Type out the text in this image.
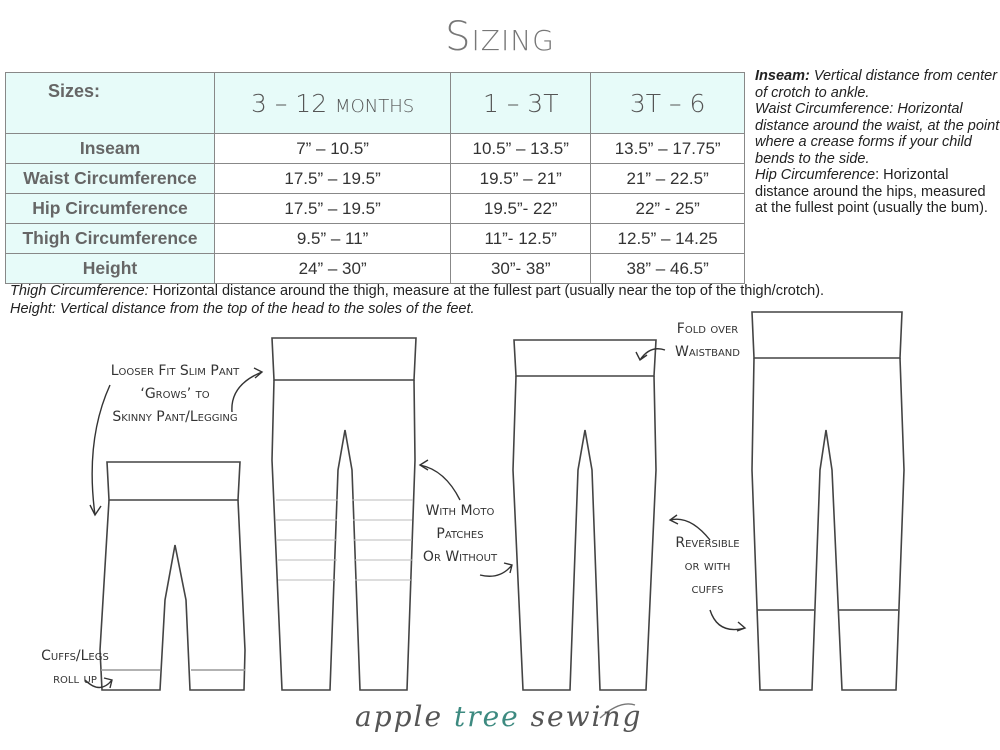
Sizing
Sizes:	3 – 12 months	1 – 3T	3T – 6
Inseam	7” – 10.5”	10.5” – 13.5”	13.5” – 17.75”
Waist Circumference	17.5” – 19.5”	19.5” – 21”	21” – 22.5”
Hip Circumference	17.5” – 19.5”	19.5”- 22”	22” - 25”
Thigh Circumference	9.5” – 11”	11”- 12.5”	12.5” – 14.25
Height	24” – 30”	30”- 38”	38” – 46.5”
Inseam: Vertical distance from center of crotch to ankle.
Waist Circumference: Horizontal distance around the waist, at the point where a crease forms if your child bends to the side.
Hip Circumference: Horizontal distance around the hips, measured at the fullest point (usually the bum).
Thigh Circumference: Horizontal distance around the thigh, measure at the fullest part (usually near the top of the thigh/crotch).
Height: Vertical distance from the top of the head to the soles of the feet.
Looser Fit Slim Pant
‘Grows’ to
Skinny Pant/Legging
Cuffs/Legs
roll up
With Moto
Patches
Or Without
Fold over
Waistband
Reversible
or with
cuffs
apple tree sewing
